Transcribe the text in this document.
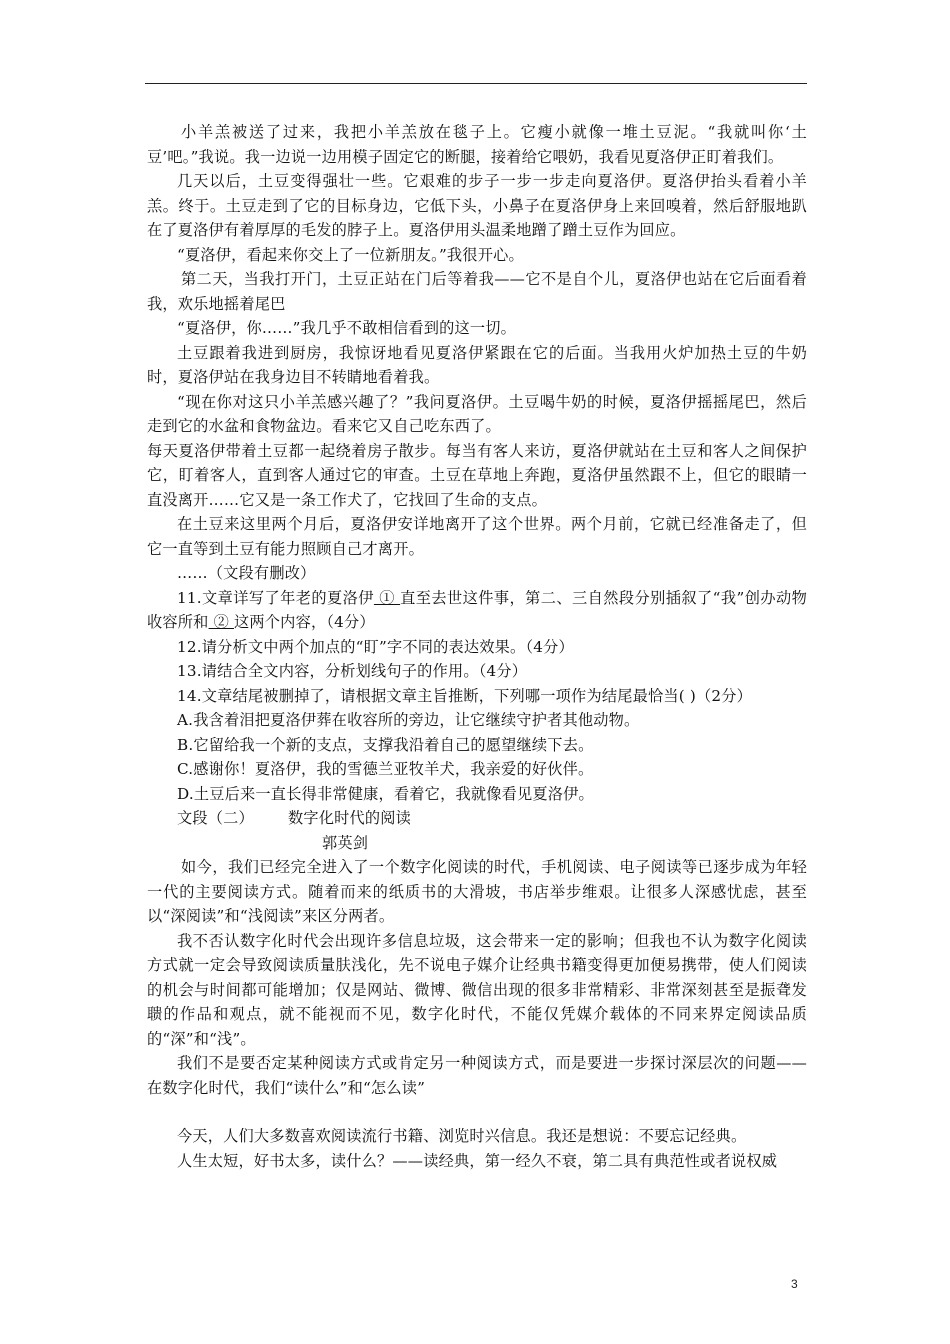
小羊羔被送了过来，我把小羊羔放在毯子上。它瘦小就像一堆土豆泥。“我就叫你‘土豆’吧。”我说。我一边说一边用模子固定它的断腿，接着给它喂奶，我看见夏洛伊正盯着我们。

几天以后，土豆变得强壮一些。它艰难的步子一步一步走向夏洛伊。夏洛伊抬头看着小羊羔。终于。土豆走到了它的目标身边，它低下头，小鼻子在夏洛伊身上来回嗅着，然后舒服地趴在了夏洛伊有着厚厚的毛发的脖子上。夏洛伊用头温柔地蹭了蹭土豆作为回应。

“夏洛伊，看起来你交上了一位新朋友。”我很开心。

第二天，当我打开门，土豆正站在门后等着我——它不是自个儿，夏洛伊也站在它后面看着我，欢乐地摇着尾巴

“夏洛伊，你……”我几乎不敢相信看到的这一切。

土豆跟着我进到厨房，我惊讶地看见夏洛伊紧跟在它的后面。当我用火炉加热土豆的牛奶时，夏洛伊站在我身边目不转睛地看着我。

“现在你对这只小羊羔感兴趣了？”我问夏洛伊。土豆喝牛奶的时候，夏洛伊摇摇尾巴，然后走到它的水盆和食物盆边。看来它又自己吃东西了。

每天夏洛伊带着土豆都一起绕着房子散步。每当有客人来访，夏洛伊就站在土豆和客人之间保护它，盯着客人，直到客人通过它的审查。土豆在草地上奔跑，夏洛伊虽然跟不上，但它的眼睛一直没离开……它又是一条工作犬了，它找回了生命的支点。

在土豆来这里两个月后，夏洛伊安详地离开了这个世界。两个月前，它就已经准备走了，但它一直等到土豆有能力照顾自己才离开。

……（文段有删改）

11.文章详写了年老的夏洛伊 ① 直至去世这件事，第二、三自然段分别插叙了“我”创办动物收容所和 ② 这两个内容，（4分）

12.请分析文中两个加点的“盯”字不同的表达效果。（4分）

13.请结合全文内容，分析划线句子的作用。（4分）

14.文章结尾被删掉了，请根据文章主旨推断，下列哪一项作为结尾最恰当( )（2分）

A.我含着泪把夏洛伊葬在收容所的旁边，让它继续守护者其他动物。

B.它留给我一个新的支点，支撑我沿着自己的愿望继续下去。

C.感谢你！夏洛伊，我的雪德兰亚牧羊犬，我亲爱的好伙伴。

D.土豆后来一直长得非常健康，看着它，我就像看见夏洛伊。

文段（二） 数字化时代的阅读

郭英剑

如今，我们已经完全进入了一个数字化阅读的时代，手机阅读、电子阅读等已逐步成为年轻一代的主要阅读方式。随着而来的纸质书的大滑坡，书店举步维艰。让很多人深感忧虑，甚至以“深阅读”和“浅阅读”来区分两者。

我不否认数字化时代会出现许多信息垃圾，这会带来一定的影响；但我也不认为数字化阅读方式就一定会导致阅读质量肤浅化，先不说电子媒介让经典书籍变得更加便易携带，使人们阅读的机会与时间都可能增加；仅是网站、微博、微信出现的很多非常精彩、非常深刻甚至是振聋发聩的作品和观点，就不能视而不见，数字化时代，不能仅凭媒介载体的不同来界定阅读品质的“深”和“浅”。

我们不是要否定某种阅读方式或肯定另一种阅读方式，而是要进一步探讨深层次的问题——在数字化时代，我们“读什么”和“怎么读”

今天，人们大多数喜欢阅读流行书籍、浏览时兴信息。我还是想说：不要忘记经典。

人生太短，好书太多，读什么？——读经典，第一经久不衰，第二具有典范性或者说权威

3
